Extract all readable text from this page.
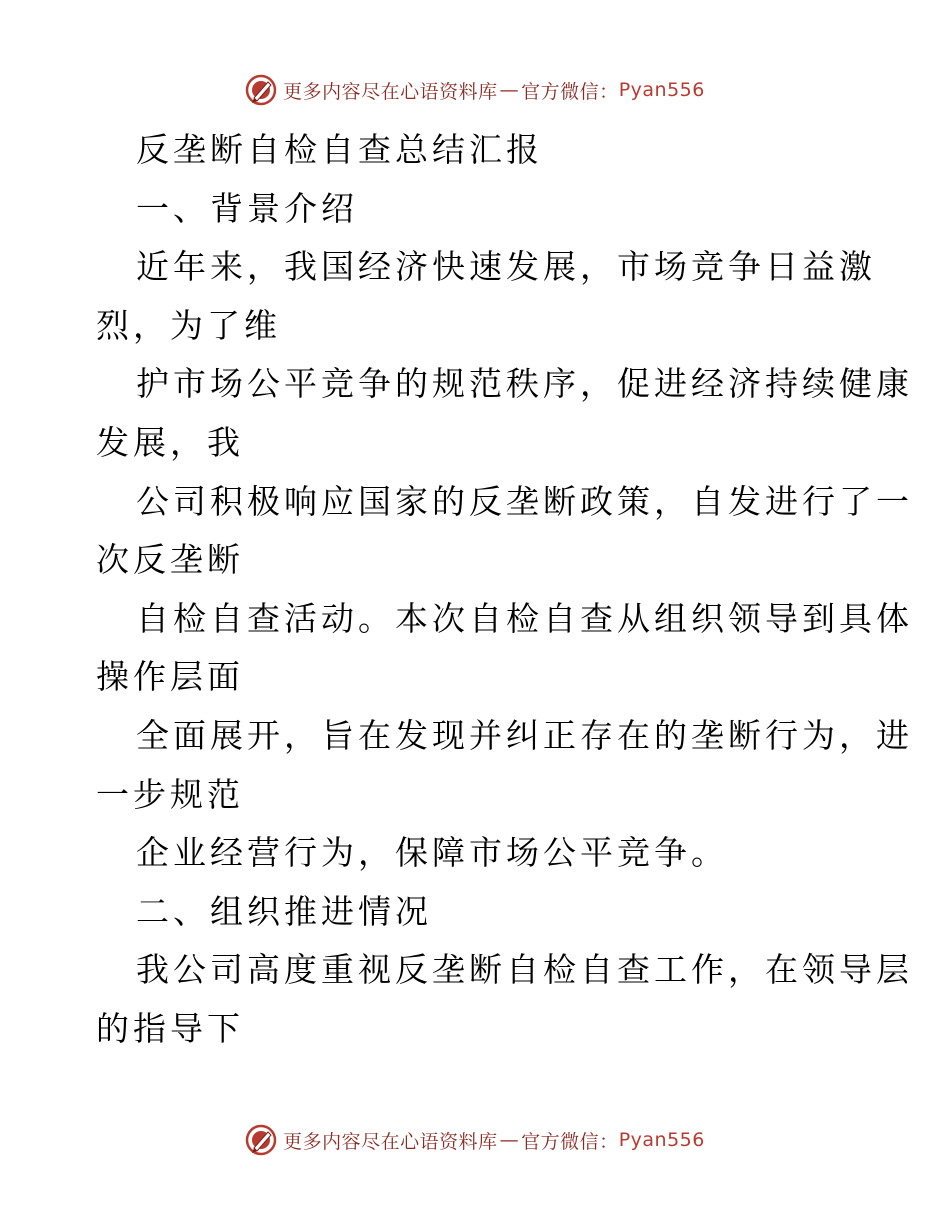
更多内容尽在心语资料库 — 官方微信： Pyan556
反垄断自检自查总结汇报
一、背景介绍
近年来，我国经济快速发展，市场竞争日益激
烈，为了维
护市场公平竞争的规范秩序，促进经济持续健康
发展，我
公司积极响应国家的反垄断政策，自发进行了一
次反垄断
自检自查活动。本次自检自查从组织领导到具体
操作层面
全面展开，旨在发现并纠正存在的垄断行为，进
一步规范
企业经营行为，保障市场公平竞争。
二、组织推进情况
我公司高度重视反垄断自检自查工作，在领导层
的指导下
更多内容尽在心语资料库 — 官方微信： Pyan556
